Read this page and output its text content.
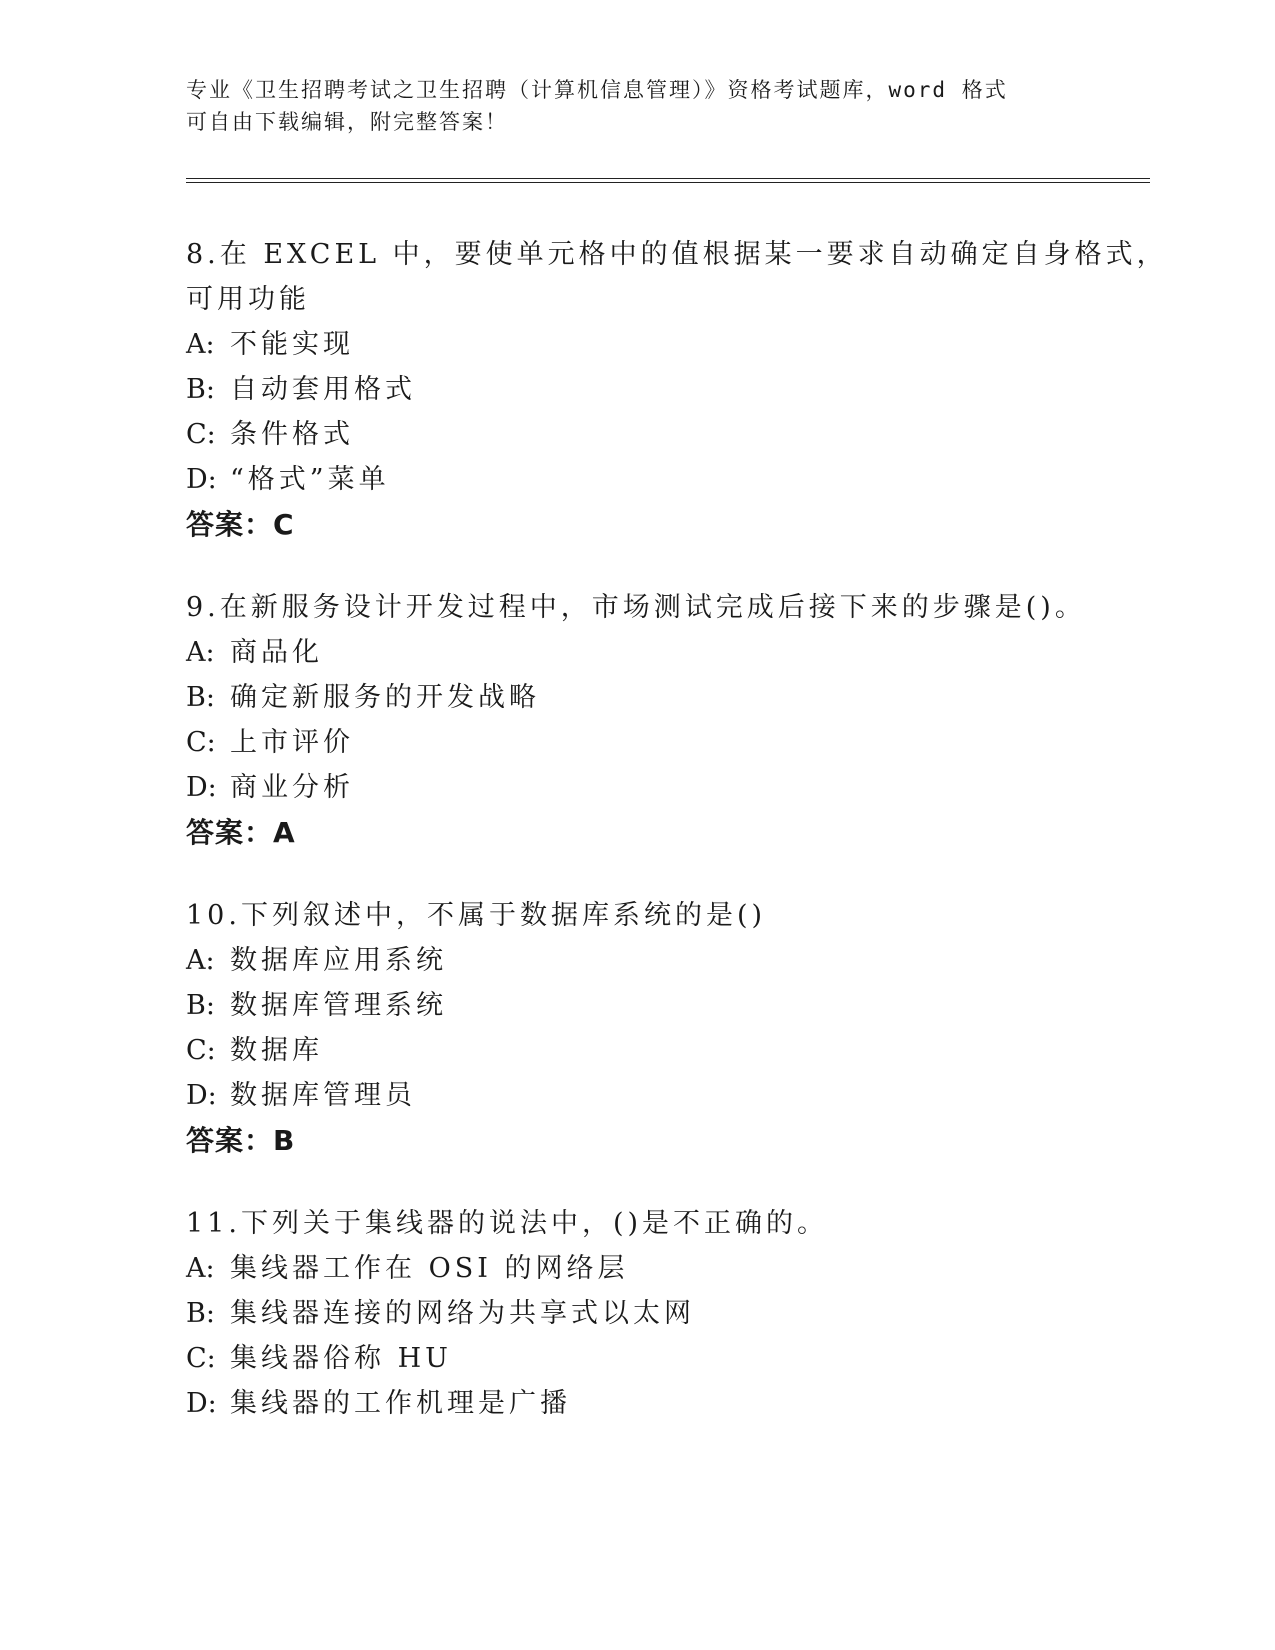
专业《卫生招聘考试之卫生招聘（计算机信息管理）》资格考试题库，word 格式
可自由下载编辑，附完整答案！
8.在 EXCEL 中，要使单元格中的值根据某一要求自动确定自身格式，
可用功能
A: 不能实现
B: 自动套用格式
C: 条件格式
D: “格式”菜单
答案：C
9.在新服务设计开发过程中，市场测试完成后接下来的步骤是()。
A: 商品化
B: 确定新服务的开发战略
C: 上市评价
D: 商业分析
答案：A
10.下列叙述中，不属于数据库系统的是()
A: 数据库应用系统
B: 数据库管理系统
C: 数据库
D: 数据库管理员
答案：B
11.下列关于集线器的说法中，()是不正确的。
A: 集线器工作在 OSI 的网络层
B: 集线器连接的网络为共享式以太网
C: 集线器俗称 HU
D: 集线器的工作机理是广播
